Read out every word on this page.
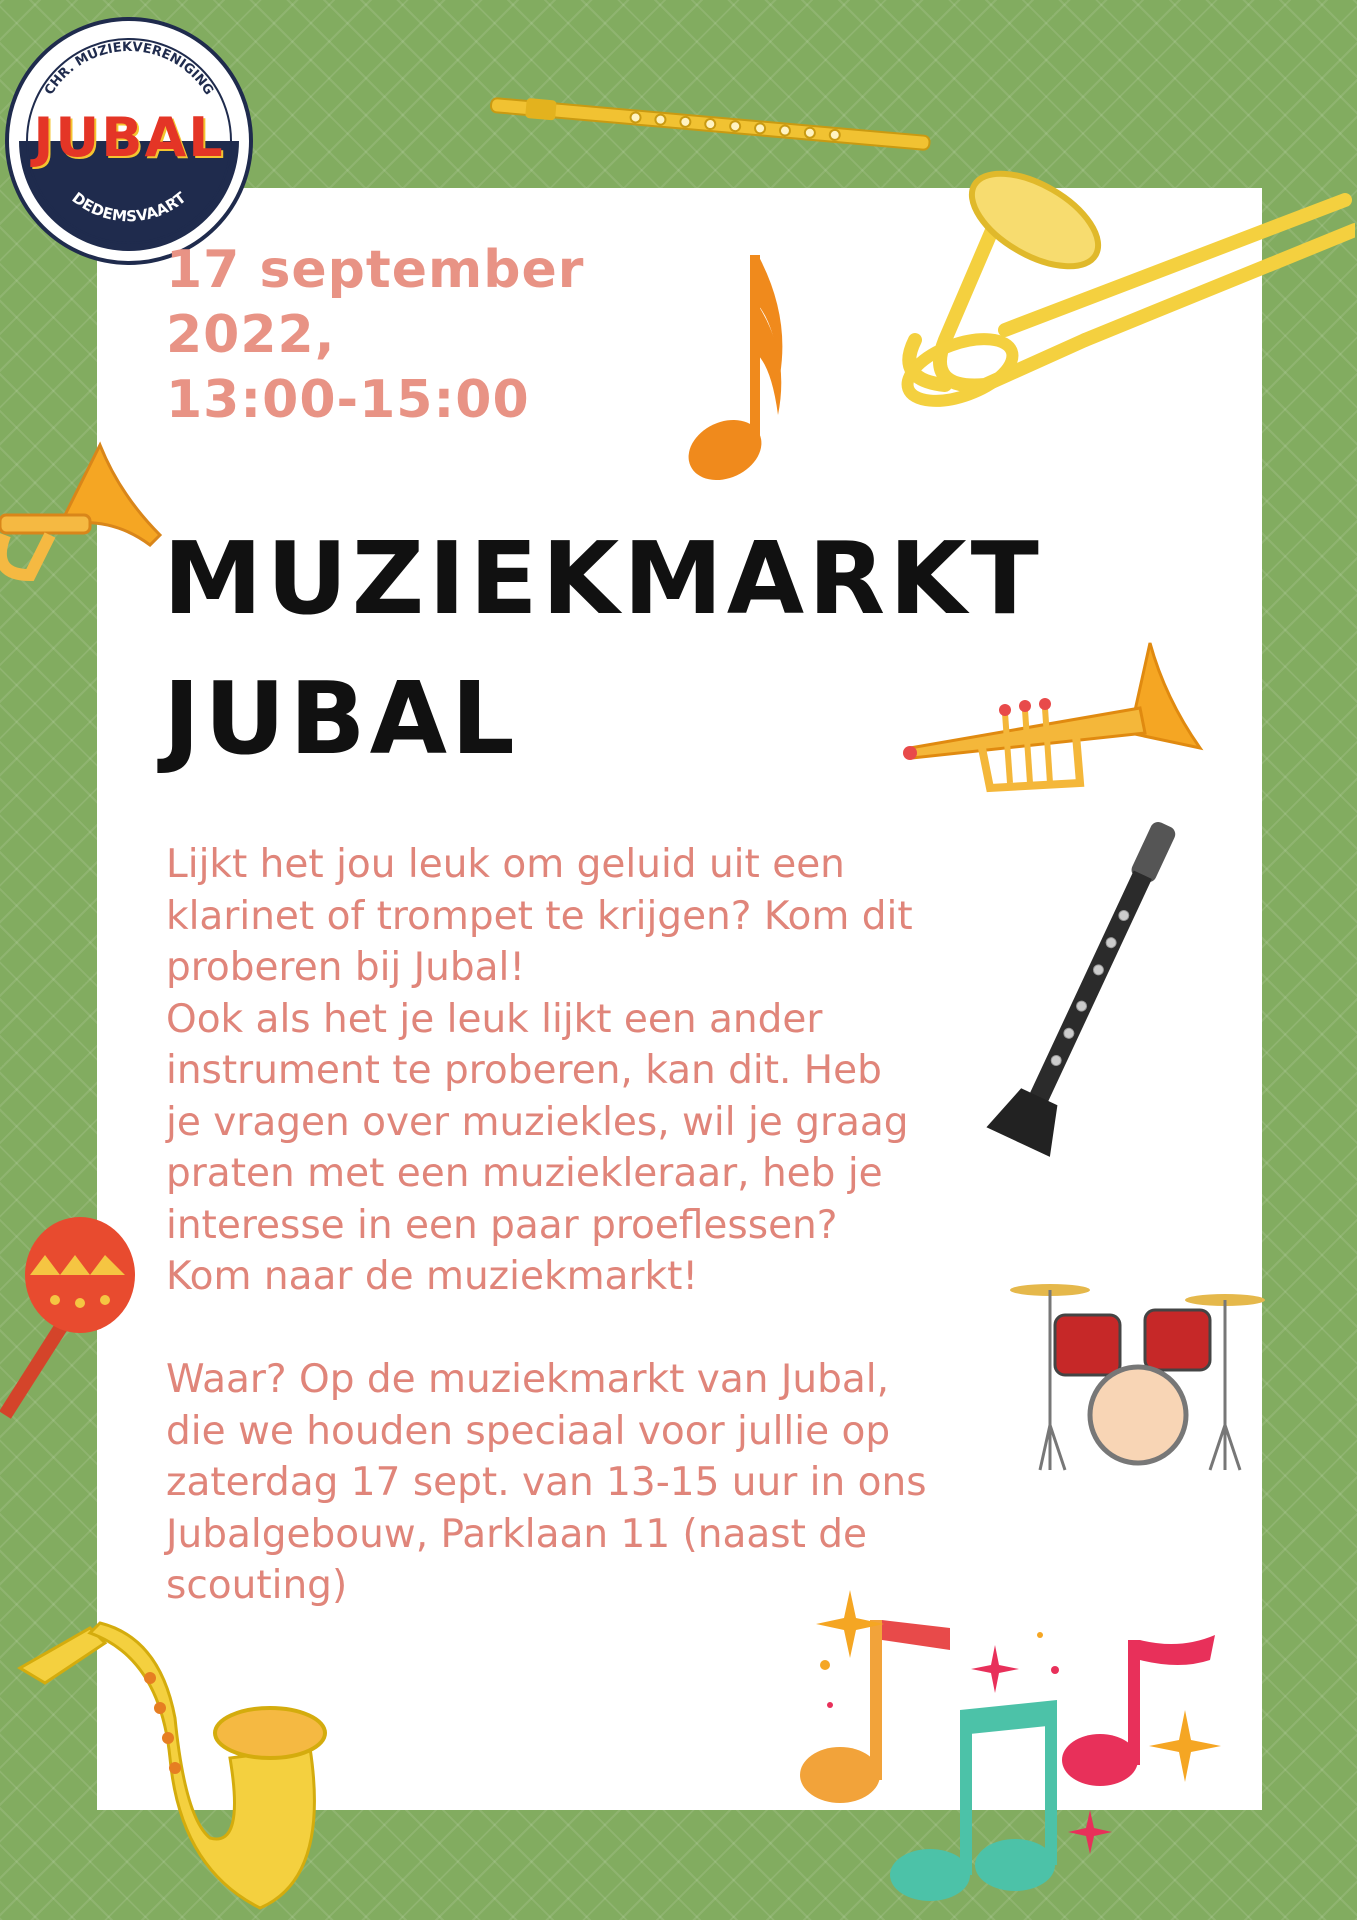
CHR. MUZIEKVERENIGING
DEDEMSVAART
JUBAL
17 september
2022,
13:00-15:00
MUZIEKMARKT
JUBAL
Lijkt het jou leuk om geluid uit een
klarinet of trompet te krijgen? Kom dit
proberen bij Jubal!
Ook als het je leuk lijkt een ander
instrument te proberen, kan dit. Heb
je vragen over muziekles, wil je graag
praten met een muziekleraar, heb je
interesse in een paar proeflessen?
Kom naar de muziekmarkt!
Waar? Op de muziekmarkt van Jubal,
die we houden speciaal voor jullie op
zaterdag 17 sept. van 13-15 uur in ons
Jubalgebouw, Parklaan 11 (naast de
scouting)
